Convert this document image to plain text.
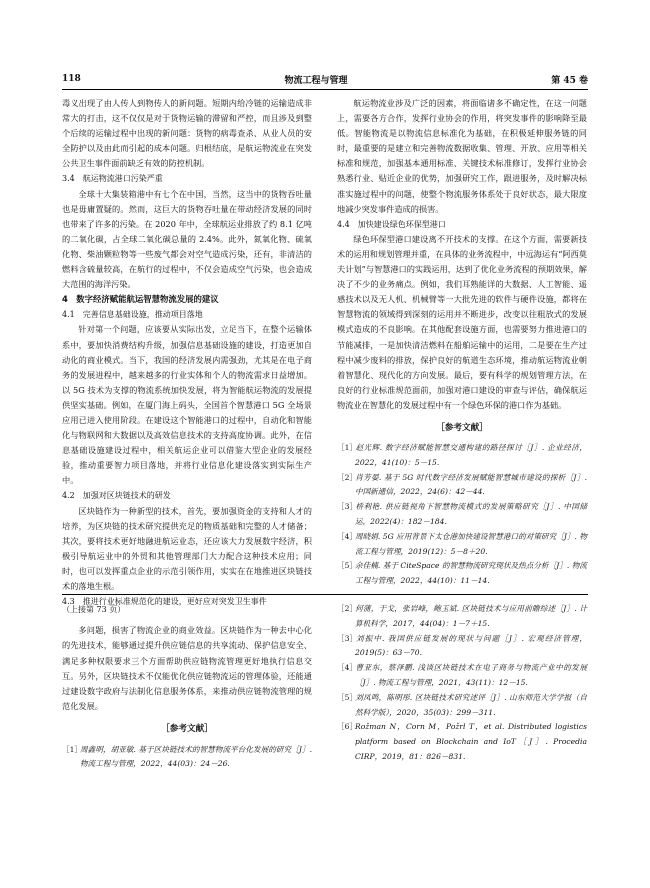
118	物流工程与管理	第 45 卷

毒义出现了由人传人到物传人的新问题。短期内给冷链的运输造成非常大的打击，这不仅仅是对于货物运输的滞留和严控，而且涉及到整个后续的运输过程中出现的新问题：货物的病毒查杀、从业人员的安全防护以及由此而引起的成本问题。归根结底，是航运物流业在突发公共卫生事件面前缺乏有效的防控机制。

3.4　航运物流港口污染严重

全球十大集装箱港中有七个在中国，当然，这当中的货物吞吐量也是毋庸置疑的。然而，这巨大的货物吞吐量在带动经济发展的同时也带来了许多的污染。在 2020 年中，全球航运业排放了约 8.1 亿吨的二氧化碳，占全球二氧化碳总量的 2.4%。此外，氮氧化物、硫氧化物、柴油颗粒物等一些废气都会对空气造成污染，还有，非清洁的燃料含硫量较高，在航行的过程中，不仅会造成空气污染，也会造成大范围的海洋污染。

4　数字经济赋能航运智慧物流发展的建议
4.1　完善信息基础设施，推动项目落地

针对第一个问题，应该要从实际出发，立足当下，在整个运输体系中，要加快消费结构升级，加强信息基础设施的建设，打造更加自动化的商业模式。当下，我国的经济发展内需强劲，尤其是在电子商务的发展进程中，越来越多的行业实体和个人的物流需求日益增加。以 5G 技术为支撑的物流系统加快发展，将为智能航运物流的发展提供坚实基础。例如，在厦门海上码头，全国首个智慧港口 5G 全场景应用已进入使用阶段。在建设这个智能港口的过程中，自动化和智能化与物联网和大数据以及高效信息技术的支持高度协调。此外，在信息基础设施建设过程中，相关航运企业可以借鉴大型企业的发展经验，推动重要智力项目落地，并将行业信息化建设落实到实际生产中。

4.2　加强对区块链技术的研发

区块链作为一种新型的技术，首先，要加强资金的支持和人才的培养，为区块链的技术研究提供充足的物质基础和完整的人才储备；其次，要将技术更好地融进航运业态，还应该大力发展数字经济，积极引导航运业中的外贸和其他管理部门大力配合这种技术应用；同时，也可以发挥重点企业的示范引领作用，实实在在地推进区块链技术的落地生根。

4.3　推进行业标准规范化的建设，更好应对突发卫生事件

航运物流业涉及广泛的因素，将面临诸多不确定性，在这一问题上，需要各方合作，发挥行业协会的作用，将突发事件的影响降至最低。智能物流是以物流信息标准化为基础，在积极延伸服务链的同时，最重要的是建立和完善物流数据收集、管理、开放、应用等相关标准和规范，加强基本通用标准、关键技术标准修订，发挥行业协会熟悉行业、贴近企业的优势，加强研究工作，跟进服务，及时解决标准实施过程中的问题，使整个物流服务体系处于良好状态，最大限度地减少突发事件造成的损害。

4.4　加快建设绿色环保型港口

绿色环保型港口建设离不开技术的支撑。在这个方面，需要新技术的运用和规划管理并重，在具体的业务流程中，中远海运有“阿西莫夫计划”与智慧港口的实践运用，达到了优化业务流程的预期效果，解决了不少的业务痛点。例如，我们耳熟能详的大数据、人工智能、遥感技术以及无人机、机械臂等一大批先进的软件与硬件设施，都将在智慧物流的领域得到深刻的运用并不断进步，改变以往粗放式的发展模式造成的不良影响。在其他配套设施方面，也需要努力推进港口的节能减排，一是加快清洁燃料在船舶运输中的运用，二是要在生产过程中减少废料的排放，保护良好的航道生态环境，推动航运物流业朝着智慧化、现代化的方向发展。最后，要有科学的规划管理方法，在良好的行业标准规范面前，加强对港口建设的审查与评估，确保航运物流业在智慧化的发展过程中有一个绿色环保的港口作为基础。

［参考文献］
［1］赵光辉. 数字经济赋能智慧交通构建的路径探讨［J］. 企业经济，2022，41(10)：5－15.
［2］肖芳晏. 基于 5G 时代数字经济发展赋能智慧城市建设的探析［J］. 中国新通信，2022，24(6)：42－44.
［3］桥利艳. 供应链视角下智慧物流模式的发展策略研究［J］. 中国储运，2022(4)：182－184.
［4］周晓娟. 5G 应用背景下太仓港加快建设智慧港口的对策研究［J］. 物流工程与管理，2019(12)：5－8＋20.
［5］余佳楠. 基于 CiteSpace 的智慧物流研究现状及热点分析［J］. 物流工程与管理，2022，44(10)：11－14.
（上接第 73 页）

多问题，损害了物流企业的商业效益。区块链作为一种去中心化的先进技术，能够通过提升供应链信息的共享流动、保护信息安全、满足多种权限要求三个方面帮助供应链物流管理更好地执行信息交互。另外，区块链技术不仅能优化供应链物流运的管理体验，还能通过建设数字政府与法制化信息服务体系，来推动供应链物流管理的规范化发展。

［参考文献］
［1］周鑫明，胡亚敏. 基于区块链技术的智慧物流平台化发展的研究［J］. 物流工程与管理，2022，44(03)：24－26.
［2］何蒲，于戈，张岩峰，鲍玉斌. 区块链技术与应用前瞻综述［J］. 计算机科学，2017，44(04)：1－7＋15.
［3］刘振中. 我国供应链发展的现状与问题［J］. 宏观经济管理，2019(5)：63－70.
［4］曹亚东，蔡泽鹏. 浅谈区块链技术在电子商务与物流产业中的发展［J］. 物流工程与管理，2021，43(11)：12－15.
［5］刘凤鸣，陈明彤. 区块链技术研究述评［J］. 山东师范大学学报（自然科学版），2020，35(03)：299－311.
［6］Rožman N，Corn M，Požrl T，et al. Distributed logistics platform based on Blockchain and IoT［J］. Procedia CIRP，2019，81：826－831.
